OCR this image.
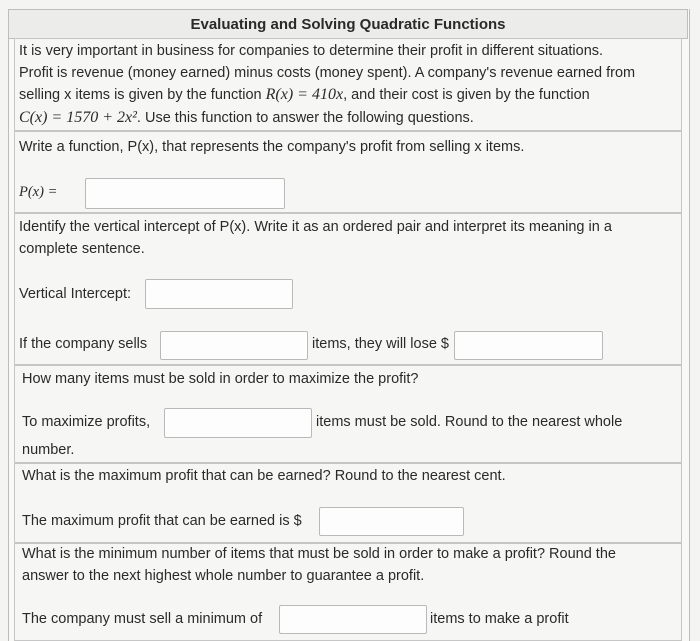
Evaluating and Solving Quadratic Functions
It is very important in business for companies to determine their profit in different situations.
Profit is revenue (money earned) minus costs (money spent). A company's revenue earned from
selling x items is given by the function R(x) = 410x, and their cost is given by the function
C(x) = 1570 + 2x². Use this function to answer the following questions.
Write a function, P(x), that represents the company's profit from selling x items.
P(x) =
Identify the vertical intercept of P(x). Write it as an ordered pair and interpret its meaning in a
complete sentence.
Vertical Intercept:
If the company sells	items, they will lose $
How many items must be sold in order to maximize the profit?
To maximize profits,	items must be sold. Round to the nearest whole
number.
What is the maximum profit that can be earned? Round to the nearest cent.
The maximum profit that can be earned is $
What is the minimum number of items that must be sold in order to make a profit? Round the
answer to the next highest whole number to guarantee a profit.
The company must sell a minimum of	items to make a profit
